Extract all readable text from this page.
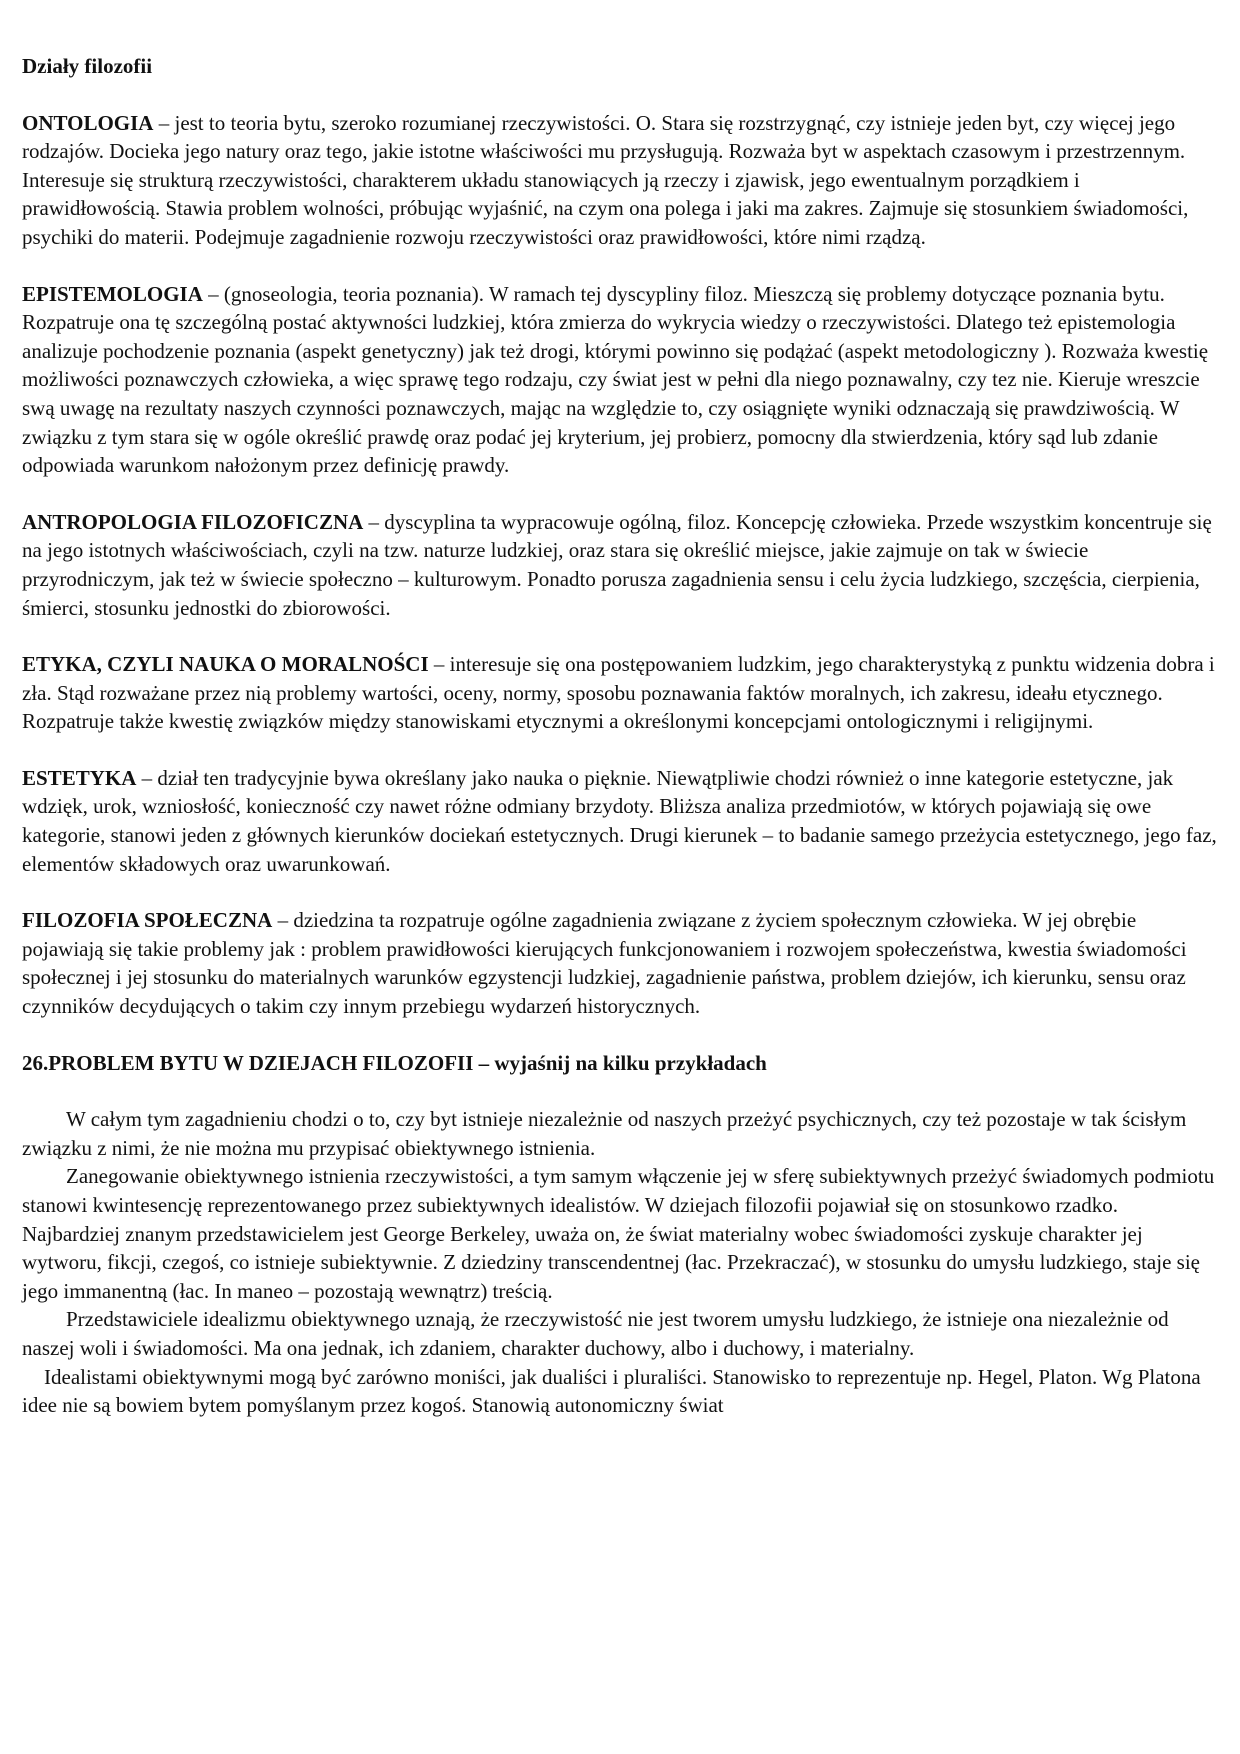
Działy filozofii
ONTOLOGIA – jest to teoria bytu, szeroko rozumianej rzeczywistości. O. Stara się rozstrzygnąć, czy istnieje jeden byt, czy więcej jego rodzajów. Docieka jego natury oraz tego, jakie istotne właściwości mu przysługują. Rozważa byt w aspektach czasowym i przestrzennym. Interesuje się strukturą rzeczywistości, charakterem układu stanowiących ją rzeczy i zjawisk, jego ewentualnym porządkiem i prawidłowością. Stawia problem wolności, próbując wyjaśnić, na czym ona polega i jaki ma zakres. Zajmuje się stosunkiem świadomości, psychiki do materii. Podejmuje zagadnienie rozwoju rzeczywistości oraz prawidłowości, które nimi rządzą.
EPISTEMOLOGIA – (gnoseologia, teoria poznania). W ramach tej dyscypliny filoz. Mieszczą się problemy dotyczące poznania bytu. Rozpatruje ona tę szczególną postać aktywności ludzkiej, która zmierza do wykrycia wiedzy o rzeczywistości. Dlatego też epistemologia analizuje pochodzenie poznania (aspekt genetyczny) jak też drogi, którymi powinno się podążać (aspekt metodologiczny ). Rozważa kwestię możliwości poznawczych człowieka, a więc sprawę tego rodzaju, czy świat jest w pełni dla niego poznawalny, czy tez nie. Kieruje wreszcie swą uwagę na rezultaty naszych czynności poznawczych, mając na względzie to, czy osiągnięte wyniki odznaczają się prawdziwością. W związku z tym stara się w ogóle określić prawdę oraz podać jej kryterium, jej probierz, pomocny dla stwierdzenia, który sąd lub zdanie odpowiada warunkom nałożonym przez definicję prawdy.
ANTROPOLOGIA FILOZOFICZNA – dyscyplina ta wypracowuje ogólną, filoz. Koncepcję człowieka. Przede wszystkim koncentruje się na jego istotnych właściwościach, czyli na tzw. naturze ludzkiej, oraz stara się określić miejsce, jakie zajmuje on tak w świecie przyrodniczym, jak też w świecie społeczno – kulturowym. Ponadto porusza zagadnienia sensu i celu życia ludzkiego, szczęścia, cierpienia, śmierci, stosunku jednostki do zbiorowości.
ETYKA, CZYLI NAUKA O MORALNOŚCI – interesuje się ona postępowaniem ludzkim, jego charakterystyką z punktu widzenia dobra i zła. Stąd rozważane przez nią problemy wartości, oceny, normy, sposobu poznawania faktów moralnych, ich zakresu, ideału etycznego. Rozpatruje także kwestię związków między stanowiskami etycznymi a określonymi koncepcjami ontologicznymi i religijnymi.
ESTETYKA – dział ten tradycyjnie bywa określany jako nauka o pięknie. Niewątpliwie chodzi również o inne kategorie estetyczne, jak wdzięk, urok, wzniosłość, konieczność czy nawet różne odmiany brzydoty. Bliższa analiza przedmiotów, w których pojawiają się owe kategorie, stanowi jeden z głównych kierunków dociekań estetycznych. Drugi kierunek – to badanie samego przeżycia estetycznego, jego faz, elementów składowych oraz uwarunkowań.
FILOZOFIA SPOŁECZNA – dziedzina ta rozpatruje ogólne zagadnienia związane z życiem społecznym człowieka. W jej obrębie pojawiają się takie problemy jak : problem prawidłowości kierujących funkcjonowaniem i rozwojem społeczeństwa, kwestia świadomości społecznej i jej stosunku do materialnych warunków egzystencji ludzkiej, zagadnienie państwa, problem dziejów, ich kierunku, sensu oraz czynników decydujących o takim czy innym przebiegu wydarzeń historycznych.
26.PROBLEM BYTU W DZIEJACH FILOZOFII – wyjaśnij na kilku przykładach

W całym tym zagadnieniu chodzi o to, czy byt istnieje niezależnie od naszych przeżyć psychicznych, czy też pozostaje w tak ścisłym związku z nimi, że nie można mu przypisać obiektywnego istnienia.

Zanegowanie obiektywnego istnienia rzeczywistości, a tym samym włączenie jej w sferę subiektywnych przeżyć świadomych podmiotu stanowi kwintesencję reprezentowanego przez subiektywnych idealistów. W dziejach filozofii pojawiał się on stosunkowo rzadko. Najbardziej znanym przedstawicielem jest George Berkeley, uważa on, że świat materialny wobec świadomości zyskuje charakter jej wytworu, fikcji, czegoś, co istnieje subiektywnie. Z dziedziny transcendentnej (łac. Przekraczać), w stosunku do umysłu ludzkiego, staje się jego immanentną (łac. In maneo – pozostają wewnątrz) treścią.

Przedstawiciele idealizmu obiektywnego uznają, że rzeczywistość nie jest tworem umysłu ludzkiego, że istnieje ona niezależnie od naszej woli i świadomości. Ma ona jednak, ich zdaniem, charakter duchowy, albo i duchowy, i materialny.

Idealistami obiektywnymi mogą być zarówno moniści, jak dualiści i pluraliści. Stanowisko to reprezentuje np. Hegel, Platon. Wg Platona idee nie są bowiem bytem pomyślanym przez kogoś. Stanowią autonomiczny świat
